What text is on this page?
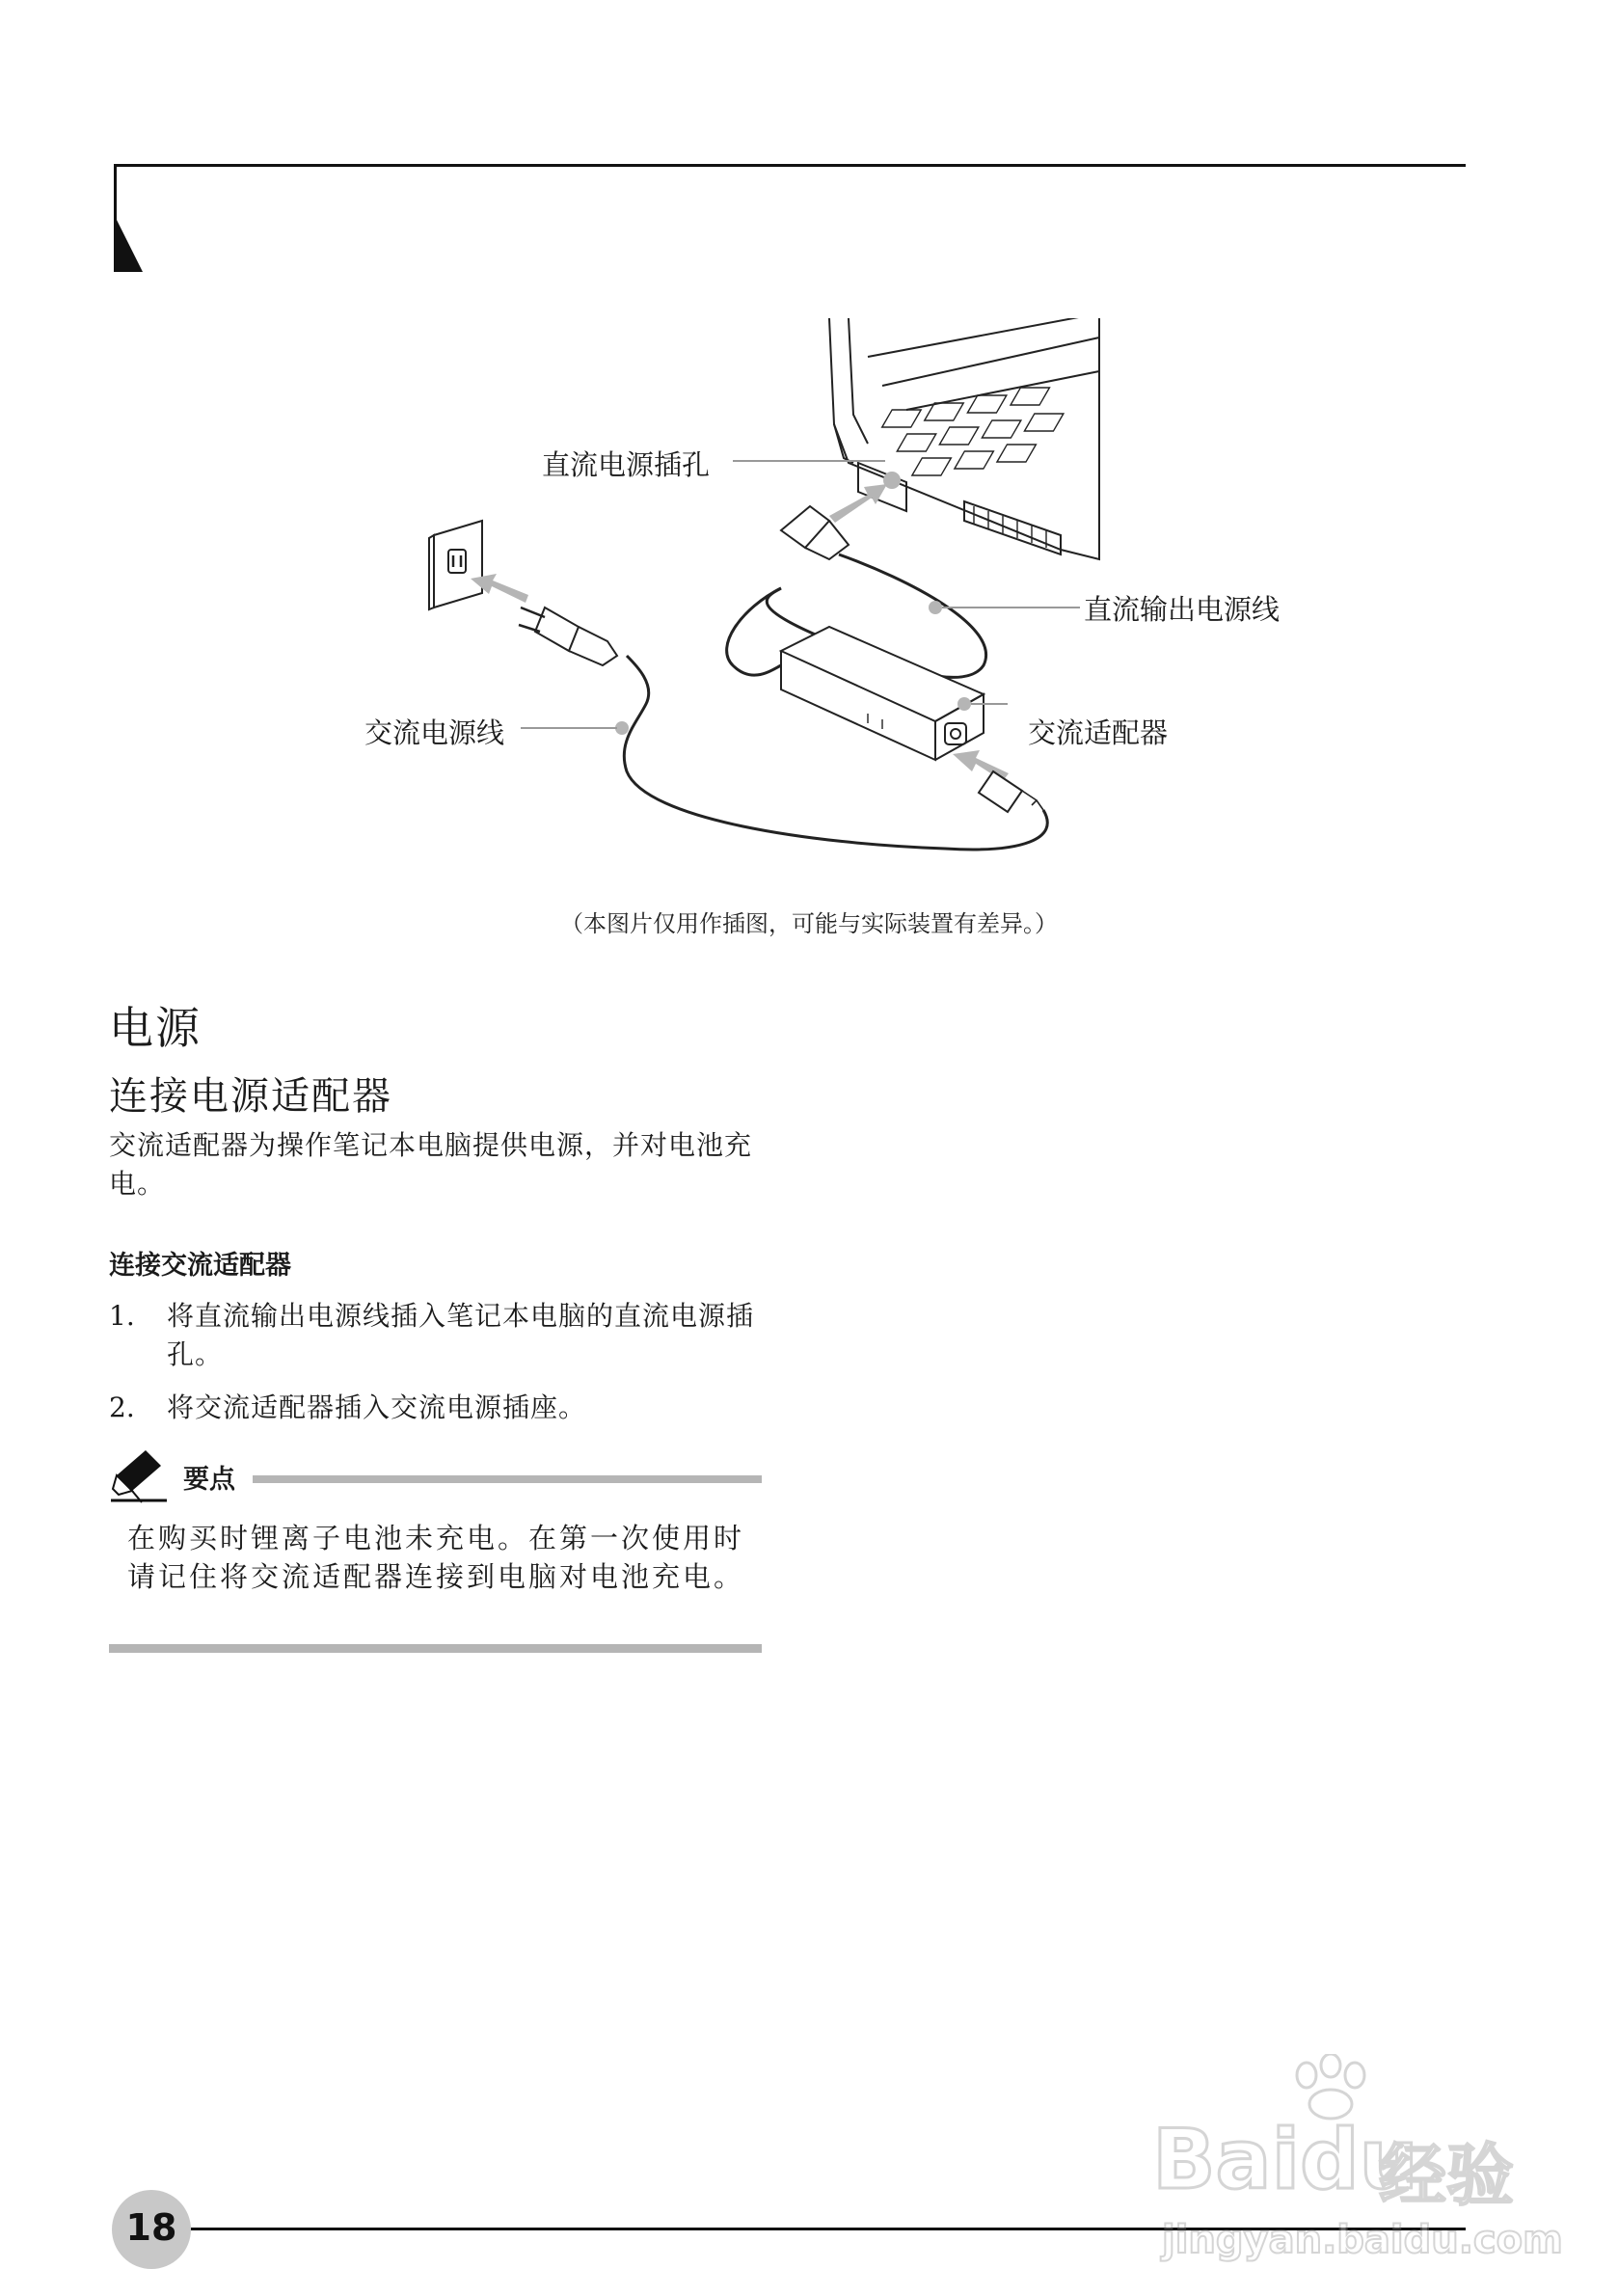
直流电源插孔
直流输出电源线
交流电源线	交流适配器
（本图片仅用作插图，可能与实际装置有差异。）
电源
连接电源适配器
交流适配器为操作笔记本电脑提供电源，并对电池充电。
连接交流适配器
1. 将直流输出电源线插入笔记本电脑的直流电源插孔。
2. 将交流适配器插入交流电源插座。
要点
在购买时锂离子电池未充电。在第一次使用时请记住将交流适配器连接到电脑对电池充电。
18
Baidu
经验
jingyan.baidu.com
